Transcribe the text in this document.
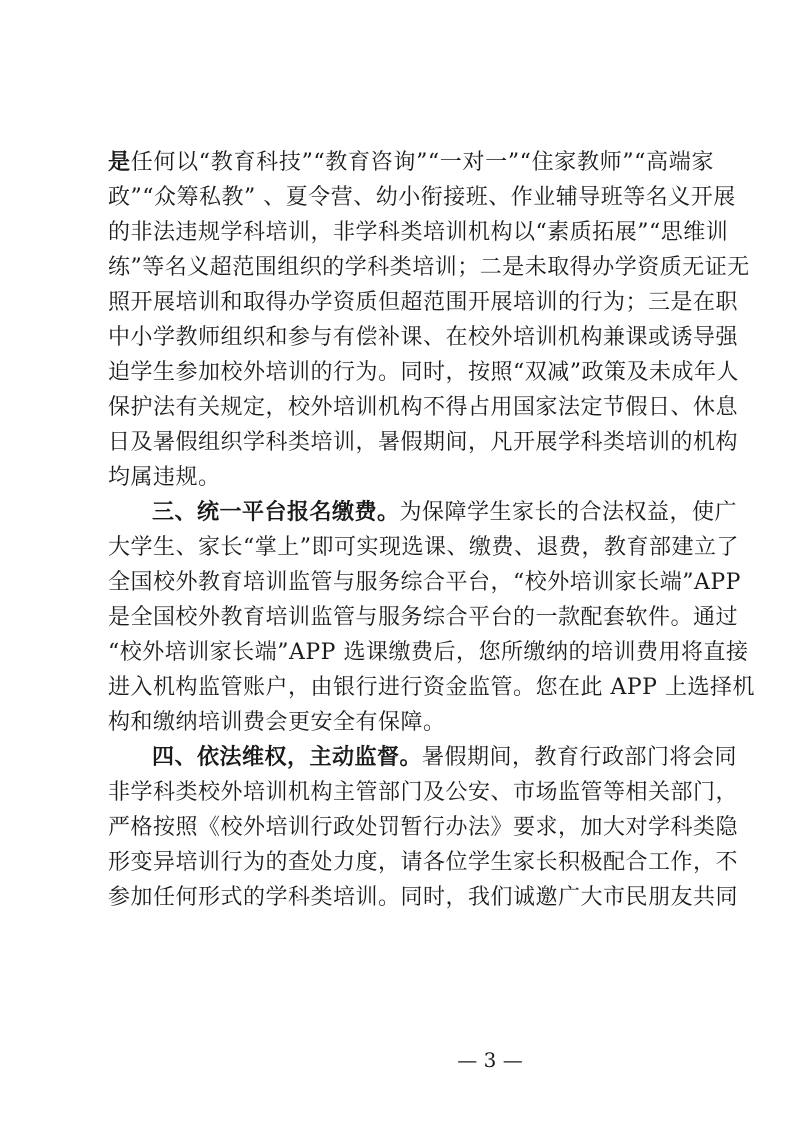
是任何以“教育科技”“教育咨询”“一对一”“住家教师”“高端家
政”“众筹私教” 、夏令营、幼小衔接班、作业辅导班等名义开展
的非法违规学科培训，非学科类培训机构以“素质拓展”“思维训
练”等名义超范围组织的学科类培训；二是未取得办学资质无证无
照开展培训和取得办学资质但超范围开展培训的行为；三是在职
中小学教师组织和参与有偿补课、在校外培训机构兼课或诱导强
迫学生参加校外培训的行为。同时，按照“双减”政策及未成年人
保护法有关规定，校外培训机构不得占用国家法定节假日、休息
日及暑假组织学科类培训，暑假期间，凡开展学科类培训的机构
均属违规。
三、统一平台报名缴费。为保障学生家长的合法权益，使广
大学生、家长“掌上”即可实现选课、缴费、退费，教育部建立了
全国校外教育培训监管与服务综合平台，“校外培训家长端”APP
是全国校外教育培训监管与服务综合平台的一款配套软件。通过
“校外培训家长端”APP 选课缴费后，您所缴纳的培训费用将直接
进入机构监管账户，由银行进行资金监管。您在此 APP 上选择机
构和缴纳培训费会更安全有保障。
四、依法维权，主动监督。暑假期间，教育行政部门将会同
非学科类校外培训机构主管部门及公安、市场监管等相关部门，
严格按照《校外培训行政处罚暂行办法》要求，加大对学科类隐
形变异培训行为的查处力度，请各位学生家长积极配合工作，不
参加任何形式的学科类培训。同时，我们诚邀广大市民朋友共同
— 3 —
